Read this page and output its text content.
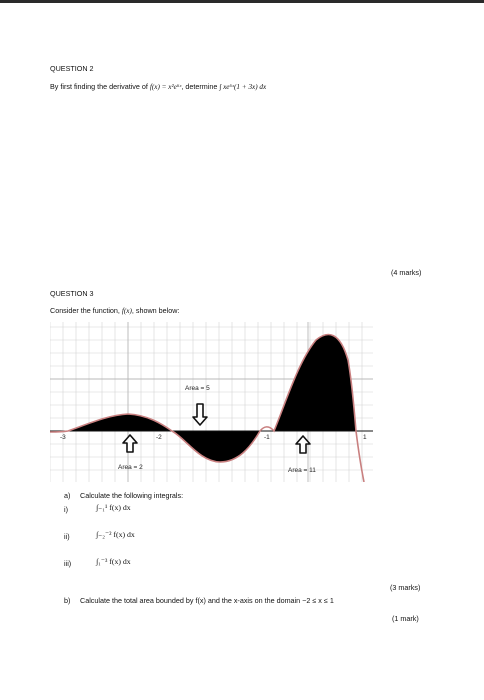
QUESTION 2
By first finding the derivative of f(x) = x²e⁶ˣ, determine ∫ xe⁶ˣ(1 + 3x) dx
(4 marks)
QUESTION 3
Consider the function, f(x), shown below:
-3	-2	-1	1
Area = 5
Area = 2	Area = 11
a) Calculate the following integrals:
i)	∫₋₁¹ f(x) dx
ii)	∫₋₂⁻² f(x) dx
iii)	∫₁⁻³ f(x) dx
(3 marks)
b) Calculate the total area bounded by f(x) and the x-axis on the domain −2 ≤ x ≤ 1
(1 mark)
